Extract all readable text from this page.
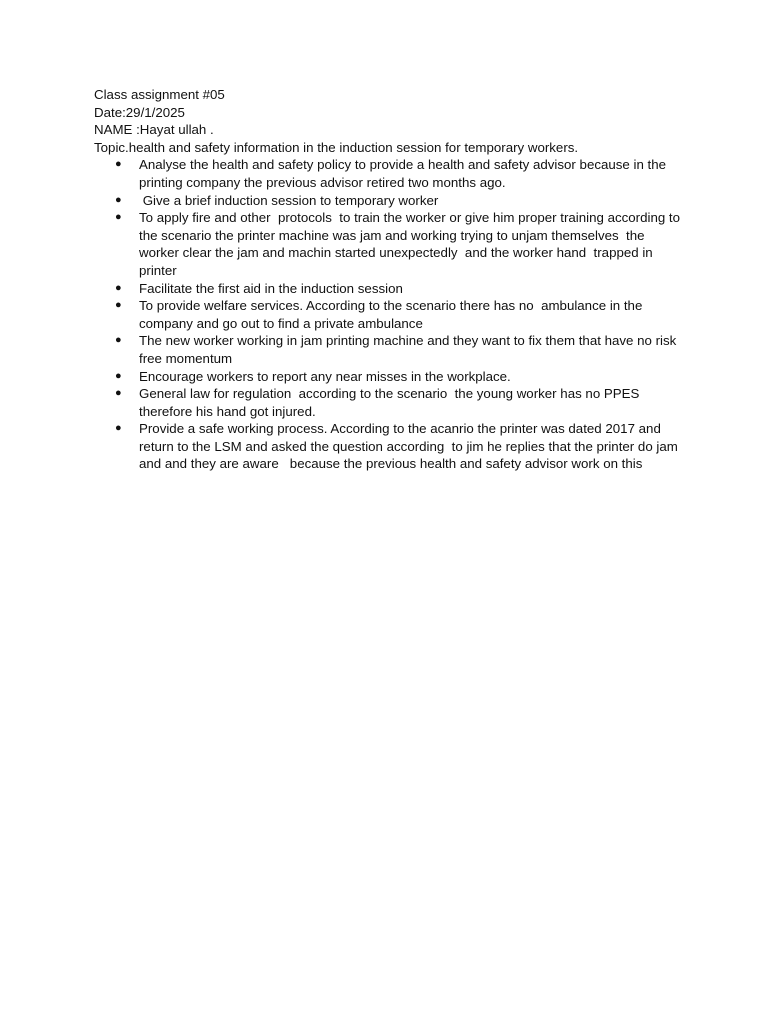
Class assignment #05

Date:29/1/2025

NAME :Hayat ullah .

Topic.health and safety information in the induction session for temporary workers.

● Analyse the health and safety policy to provide a health and safety advisor because in the printing company the previous advisor retired two months ago.
● Give a brief induction session to temporary worker
● To apply fire and other  protocols  to train the worker or give him proper training according to the scenario the printer machine was jam and working trying to unjam themselves  the worker clear the jam and machin started unexpectedly  and the worker hand  trapped in printer
● Facilitate the first aid in the induction session
● To provide welfare services. According to the scenario there has no  ambulance in the company and go out to find a private ambulance
● The new worker working in jam printing machine and they want to fix them that have no risk free momentum
● Encourage workers to report any near misses in the workplace.
● General law for regulation  according to the scenario  the young worker has no PPES therefore his hand got injured.
● Provide a safe working process. According to the acanrio the printer was dated 2017 and return to the LSM and asked the question according  to jim he replies that the printer do jam and and they are aware   because the previous health and safety advisor work on this
